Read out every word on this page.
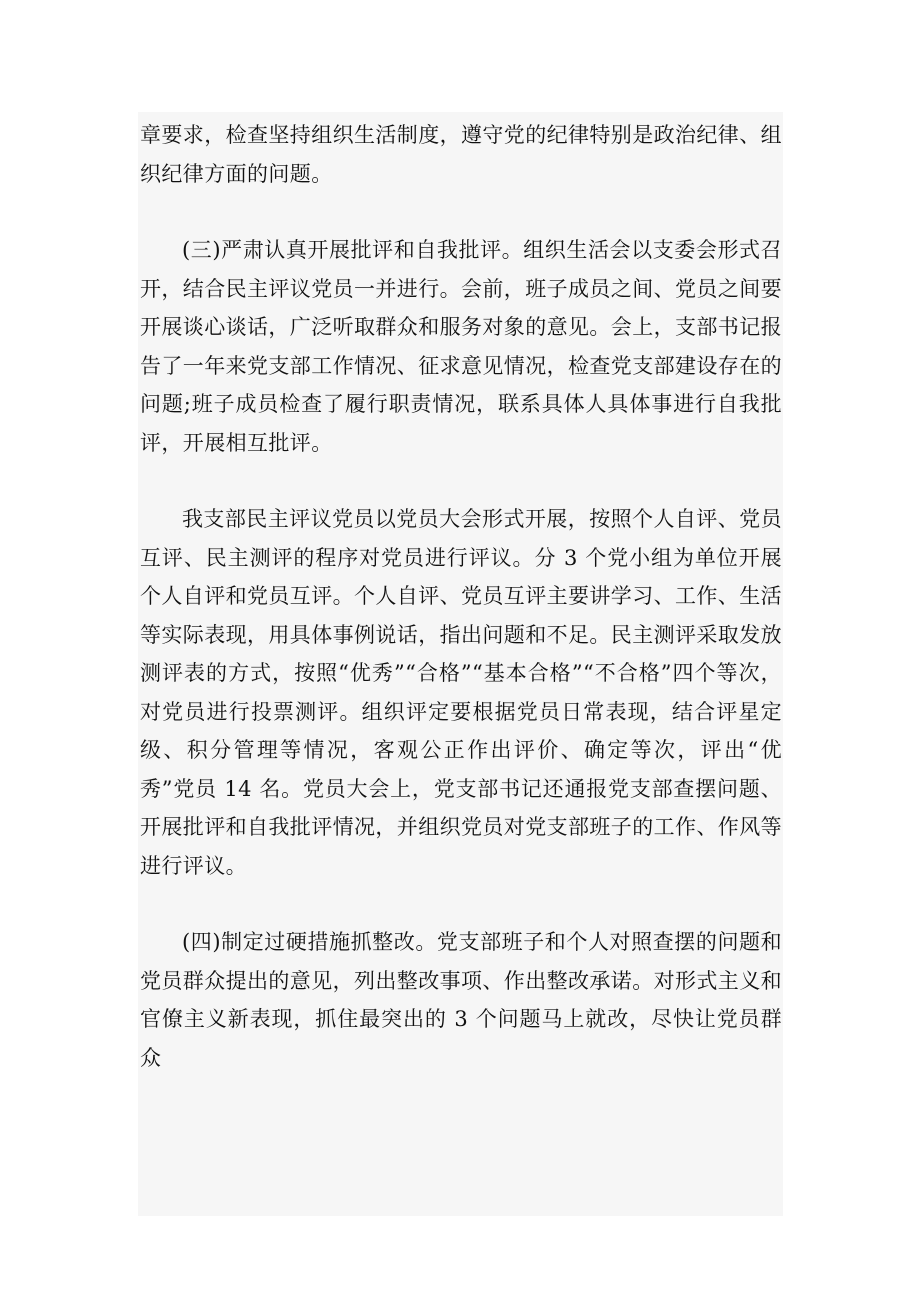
章要求，检查坚持组织生活制度，遵守党的纪律特别是政治纪律、组织纪律方面的问题。

(三)严肃认真开展批评和自我批评。组织生活会以支委会形式召开，结合民主评议党员一并进行。会前，班子成员之间、党员之间要开展谈心谈话，广泛听取群众和服务对象的意见。会上，支部书记报告了一年来党支部工作情况、征求意见情况，检查党支部建设存在的问题;班子成员检查了履行职责情况，联系具体人具体事进行自我批评，开展相互批评。

我支部民主评议党员以党员大会形式开展，按照个人自评、党员互评、民主测评的程序对党员进行评议。分 3 个党小组为单位开展个人自评和党员互评。个人自评、党员互评主要讲学习、工作、生活等实际表现，用具体事例说话，指出问题和不足。民主测评采取发放测评表的方式，按照“优秀”“合格”“基本合格”“不合格”四个等次，对党员进行投票测评。组织评定要根据党员日常表现，结合评星定级、积分管理等情况，客观公正作出评价、确定等次，评出“优秀”党员 14 名。党员大会上，党支部书记还通报党支部查摆问题、开展批评和自我批评情况，并组织党员对党支部班子的工作、作风等进行评议。

(四)制定过硬措施抓整改。党支部班子和个人对照查摆的问题和党员群众提出的意见，列出整改事项、作出整改承诺。对形式主义和官僚主义新表现，抓住最突出的 3 个问题马上就改，尽快让党员群众
